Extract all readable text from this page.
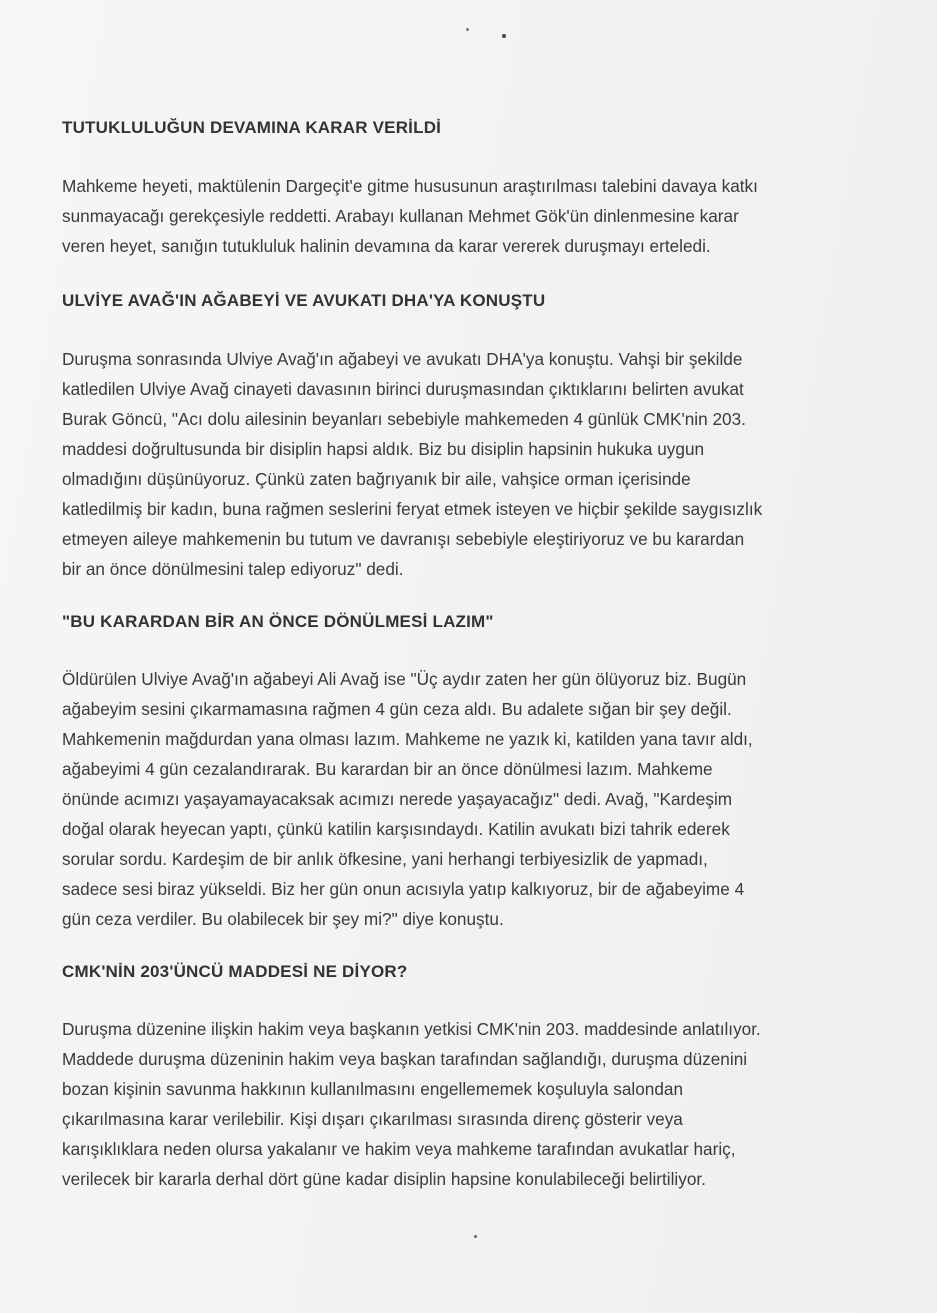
TUTUKLULUĞUN DEVAMINA KARAR VERİLDİ

Mahkeme heyeti, maktülenin Dargeçit'e gitme hususunun araştırılması talebini davaya katkı
sunmayacağı gerekçesiyle reddetti. Arabayı kullanan Mehmet Gök'ün dinlenmesine karar
veren heyet, sanığın tutukluluk halinin devamına da karar vererek duruşmayı erteledi.

ULVİYE AVAĞ'IN AĞABEYİ VE AVUKATI DHA'YA KONUŞTU

Duruşma sonrasında Ulviye Avağ'ın ağabeyi ve avukatı DHA'ya konuştu. Vahşi bir şekilde
katledilen Ulviye Avağ cinayeti davasının birinci duruşmasından çıktıklarını belirten avukat
Burak Göncü, "Acı dolu ailesinin beyanları sebebiyle mahkemeden 4 günlük CMK'nin 203.
maddesi doğrultusunda bir disiplin hapsi aldık. Biz bu disiplin hapsinin hukuka uygun
olmadığını düşünüyoruz. Çünkü zaten bağrıyanık bir aile, vahşice orman içerisinde
katledilmiş bir kadın, buna rağmen seslerini feryat etmek isteyen ve hiçbir şekilde saygısızlık
etmeyen aileye mahkemenin bu tutum ve davranışı sebebiyle eleştiriyoruz ve bu karardan
bir an önce dönülmesini talep ediyoruz" dedi.

"BU KARARDAN BİR AN ÖNCE DÖNÜLMESİ LAZIM"

Öldürülen Ulviye Avağ'ın ağabeyi Ali Avağ ise "Üç aydır zaten her gün ölüyoruz biz. Bugün
ağabeyim sesini çıkarmamasına rağmen 4 gün ceza aldı. Bu adalete sığan bir şey değil.
Mahkemenin mağdurdan yana olması lazım. Mahkeme ne yazık ki, katilden yana tavır aldı,
ağabeyimi 4 gün cezalandırarak. Bu karardan bir an önce dönülmesi lazım. Mahkeme
önünde acımızı yaşayamayacaksak acımızı nerede yaşayacağız" dedi. Avağ, "Kardeşim
doğal olarak heyecan yaptı, çünkü katilin karşısındaydı. Katilin avukatı bizi tahrik ederek
sorular sordu. Kardeşim de bir anlık öfkesine, yani herhangi terbiyesizlik de yapmadı,
sadece sesi biraz yükseldi. Biz her gün onun acısıyla yatıp kalkıyoruz, bir de ağabeyime 4
gün ceza verdiler. Bu olabilecek bir şey mi?" diye konuştu.

CMK'NİN 203'ÜNCÜ MADDESİ NE DİYOR?

Duruşma düzenine ilişkin hakim veya başkanın yetkisi CMK'nin 203. maddesinde anlatılıyor.
Maddede duruşma düzeninin hakim veya başkan tarafından sağlandığı, duruşma düzenini
bozan kişinin savunma hakkının kullanılmasını engellememek koşuluyla salondan
çıkarılmasına karar verilebilir. Kişi dışarı çıkarılması sırasında direnç gösterir veya
karışıklıklara neden olursa yakalanır ve hakim veya mahkeme tarafından avukatlar hariç,
verilecek bir kararla derhal dört güne kadar disiplin hapsine konulabileceği belirtiliyor.
